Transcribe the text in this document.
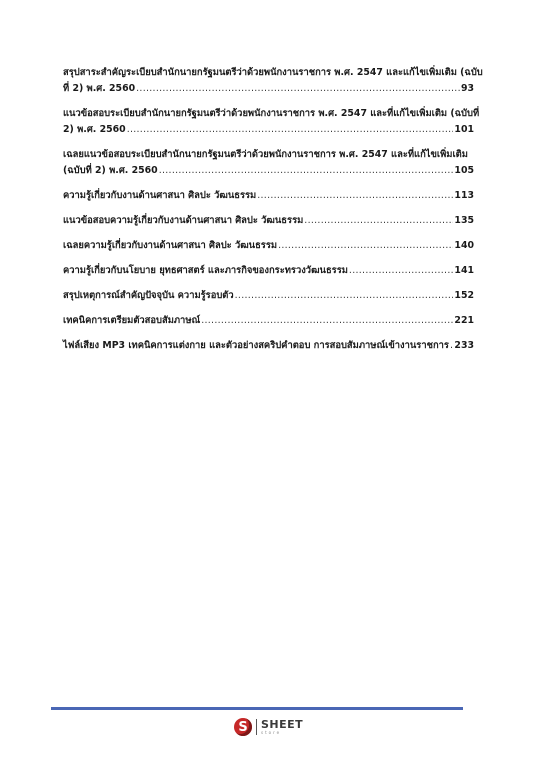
สรุปสาระสำคัญระเบียบสำนักนายกรัฐมนตรีว่าด้วยพนักงานราชการ พ.ศ. 2547 และแก้ไขเพิ่มเติม (ฉบับ
ที่ 2) พ.ศ. 2560 .....	93
แนวข้อสอบระเบียบสำนักนายกรัฐมนตรีว่าด้วยพนักงานราชการ พ.ศ. 2547 และที่แก้ไขเพิ่มเติม (ฉบับที่
2) พ.ศ. 2560 .....	101
เฉลยแนวข้อสอบระเบียบสำนักนายกรัฐมนตรีว่าด้วยพนักงานราชการ พ.ศ. 2547 และที่แก้ไขเพิ่มเติม
(ฉบับที่ 2) พ.ศ. 2560 .....	105
ความรู้เกี่ยวกับงานด้านศาสนา ศิลปะ วัฒนธรรม .....	113
แนวข้อสอบความรู้เกี่ยวกับงานด้านศาสนา ศิลปะ วัฒนธรรม .....	135
เฉลยความรู้เกี่ยวกับงานด้านศาสนา ศิลปะ วัฒนธรรม .....	140
ความรู้เกี่ยวกับนโยบาย ยุทธศาสตร์ และภารกิจของกระทรวงวัฒนธรรม .....	141
สรุปเหตุการณ์สำคัญปัจจุบัน ความรู้รอบตัว .....	152
เทคนิคการเตรียมตัวสอบสัมภาษณ์ .....	221
ไฟล์เสียง MP3 เทคนิคการแต่งกาย และตัวอย่างสคริปคำตอบ การสอบสัมภาษณ์เข้างานราชการ ..... 233
S	SHEET
store
